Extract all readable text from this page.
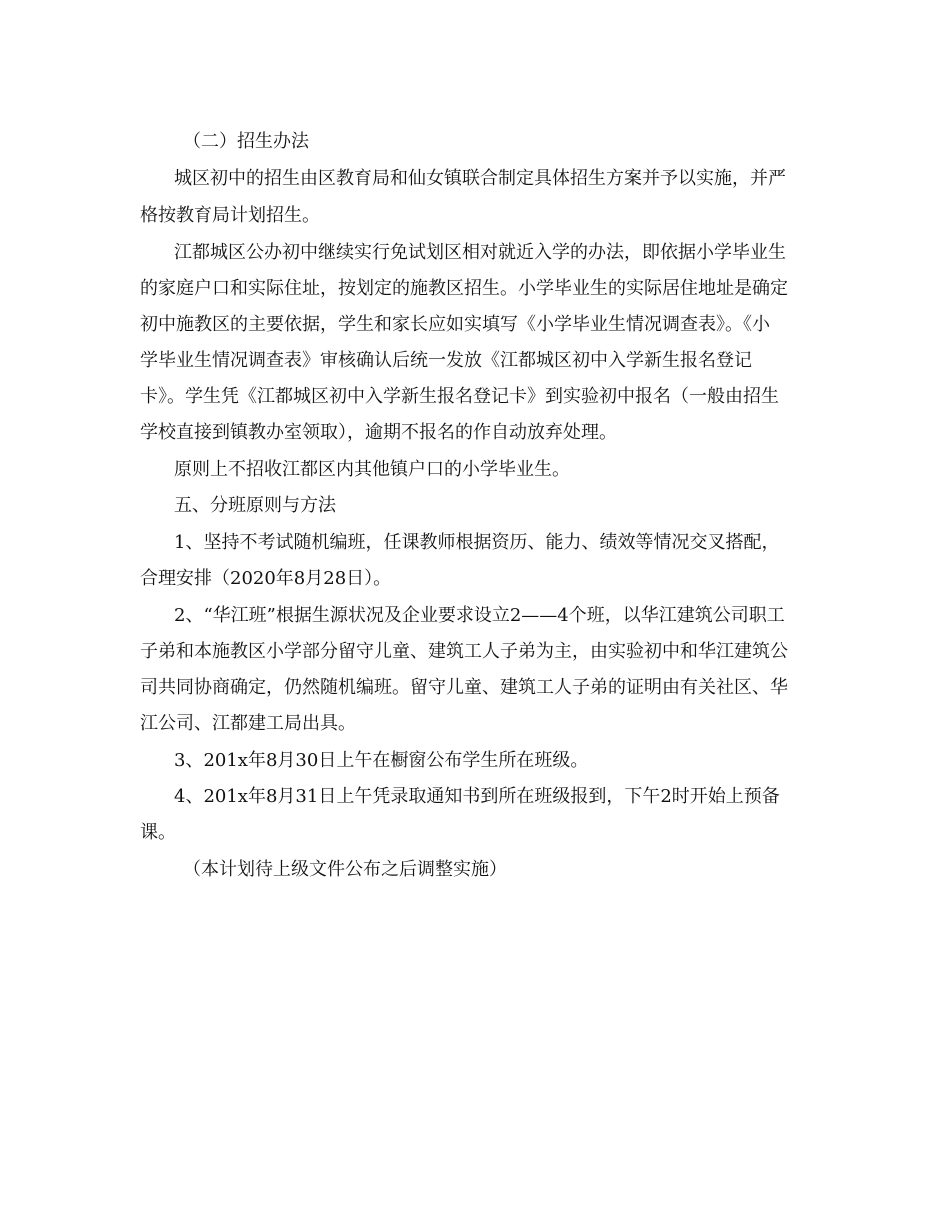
（二）招生办法

城区初中的招生由区教育局和仙女镇联合制定具体招生方案并予以实施，并严

格按教育局计划招生。

江都城区公办初中继续实行免试划区相对就近入学的办法，即依据小学毕业生

的家庭户口和实际住址，按划定的施教区招生。小学毕业生的实际居住地址是确定

初中施教区的主要依据，学生和家长应如实填写《小学毕业生情况调查表》。《小

学毕业生情况调查表》审核确认后统一发放《江都城区初中入学新生报名登记

卡》。学生凭《江都城区初中入学新生报名登记卡》到实验初中报名（一般由招生

学校直接到镇教办室领取），逾期不报名的作自动放弃处理。

原则上不招收江都区内其他镇户口的小学毕业生。

五、分班原则与方法

1、坚持不考试随机编班，任课教师根据资历、能力、绩效等情况交叉搭配，

合理安排（2020年8月28日）。

2、“华江班”根据生源状况及企业要求设立2——4个班，以华江建筑公司职工

子弟和本施教区小学部分留守儿童、建筑工人子弟为主，由实验初中和华江建筑公

司共同协商确定，仍然随机编班。留守儿童、建筑工人子弟的证明由有关社区、华

江公司、江都建工局出具。

3、201x年8月30日上午在橱窗公布学生所在班级。

4、201x年8月31日上午凭录取通知书到所在班级报到，下午2时开始上预备

课。

（本计划待上级文件公布之后调整实施）
